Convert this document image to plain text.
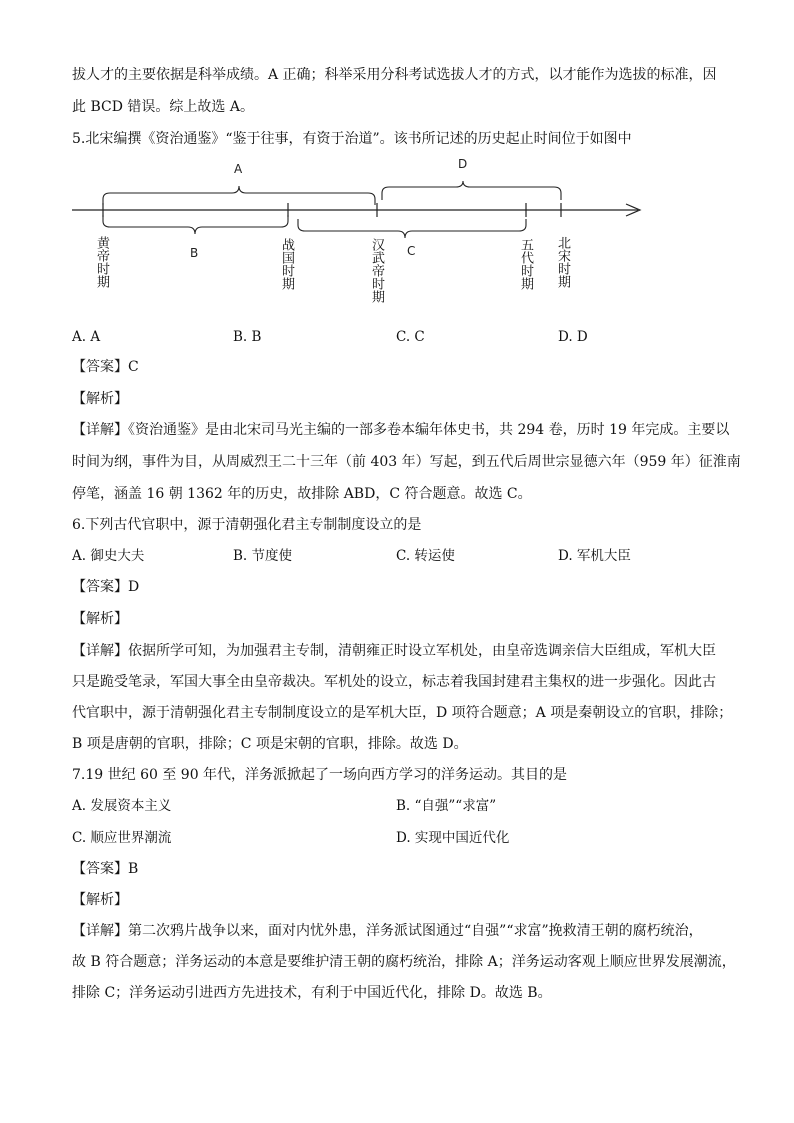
拔人才的主要依据是科举成绩。A 正确；科举采用分科考试选拔人才的方式，以才能作为选拔的标准，因
此 BCD 错误。综上故选 A。
5.北宋编撰《资治通鉴》“鉴于往事，有资于治道”。该书所记述的历史起止时间位于如图中
A	D
B	C
黄帝时期	战国时期	汉武帝时期	五代时期 北宋时期
A. A	B. B	C. C	D. D
【答案】C
【解析】
【详解】《资治通鉴》是由北宋司马光主编的一部多卷本编年体史书，共 294 卷，历时 19 年完成。主要以
时间为纲，事件为目，从周威烈王二十三年（前 403 年）写起，到五代后周世宗显德六年（959 年）征淮南
停笔，涵盖 16 朝 1362 年的历史，故排除 ABD，C 符合题意。故选 C。
6.下列古代官职中，源于清朝强化君主专制制度设立的是
A. 御史大夫	B. 节度使	C. 转运使	D. 军机大臣
【答案】D
【解析】
【详解】依据所学可知，为加强君主专制，清朝雍正时设立军机处，由皇帝选调亲信大臣组成，军机大臣
只是跪受笔录，军国大事全由皇帝裁决。军机处的设立，标志着我国封建君主集权的进一步强化。因此古
代官职中，源于清朝强化君主专制制度设立的是军机大臣，D 项符合题意；A 项是秦朝设立的官职，排除；
B 项是唐朝的官职，排除；C 项是宋朝的官职，排除。故选 D。
7.19 世纪 60 至 90 年代，洋务派掀起了一场向西方学习的洋务运动。其目的是
A. 发展资本主义	B. “自强”“求富”
C. 顺应世界潮流	D. 实现中国近代化
【答案】B
【解析】
【详解】第二次鸦片战争以来，面对内忧外患，洋务派试图通过“自强”“求富”挽救清王朝的腐朽统治，
故 B 符合题意；洋务运动的本意是要维护清王朝的腐朽统治，排除 A；洋务运动客观上顺应世界发展潮流，
排除 C；洋务运动引进西方先进技术，有利于中国近代化，排除 D。故选 B。
